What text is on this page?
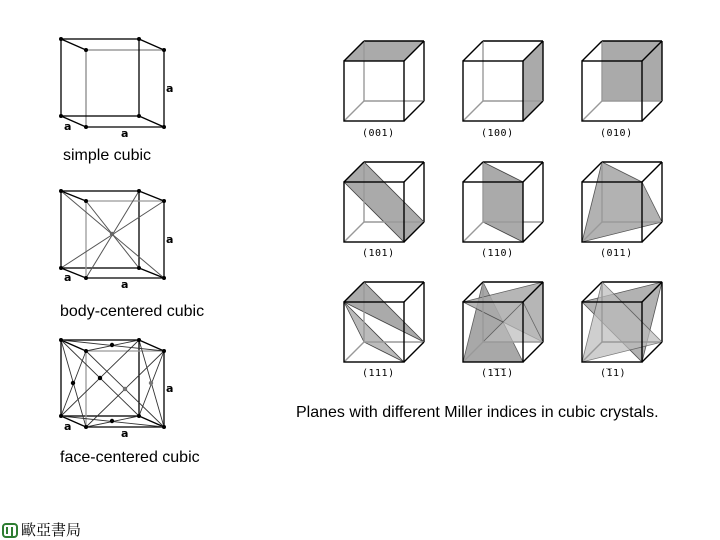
a
a
a
simple cubic
a
a
a
body-centered cubic
a
a
a
face-centered cubic
(001)	(100)	(010)
(101)	(110)	(011)
(111)	(1̅1̅1)	(̅11)
Planes with different Miller indices in cubic crystals.
歐亞書局
